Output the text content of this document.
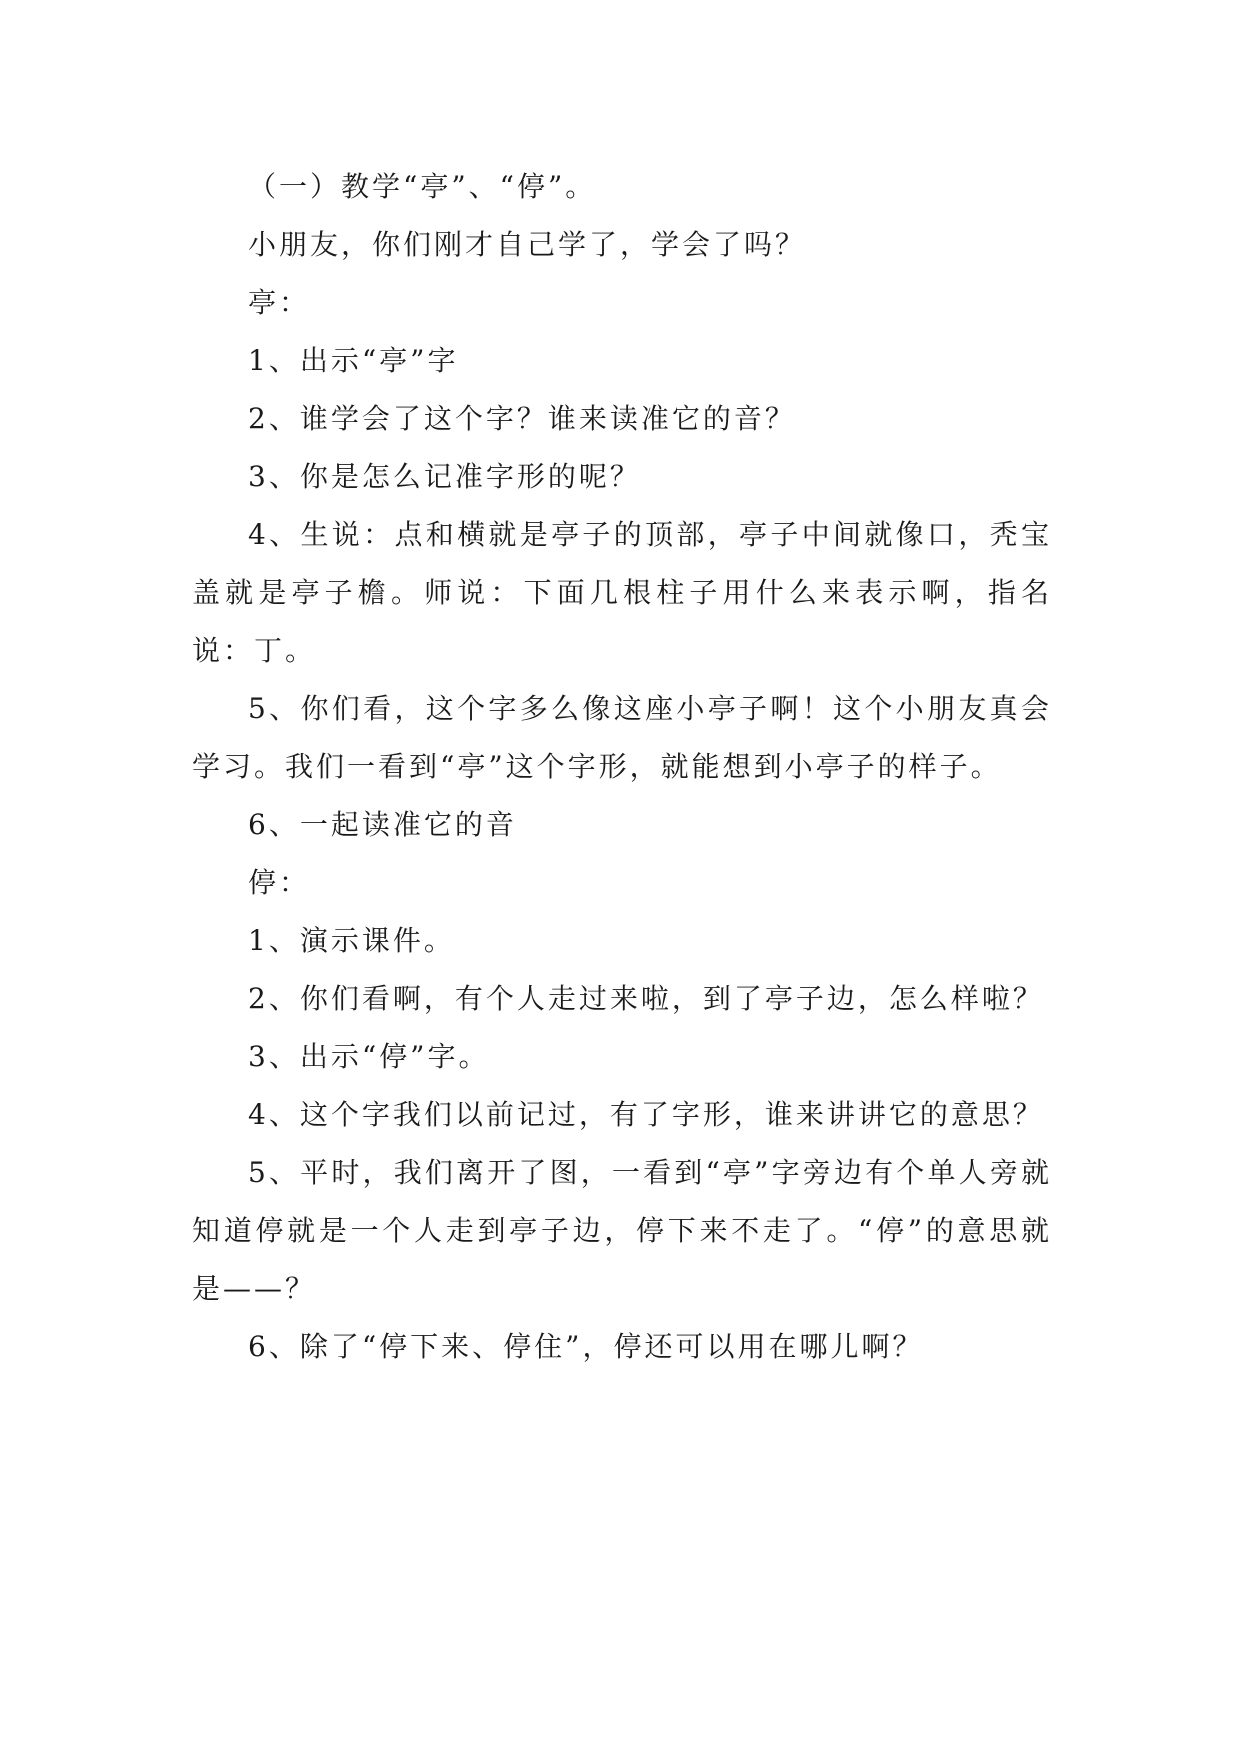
（一）教学“亭”、“停”。

小朋友，你们刚才自己学了，学会了吗？

亭：

1、出示“亭”字

2、谁学会了这个字？谁来读准它的音？

3、你是怎么记准字形的呢？

4、生说：点和横就是亭子的顶部，亭子中间就像口，秃宝盖就是亭子檐。师说：下面几根柱子用什么来表示啊，指名说：丁。

5、你们看，这个字多么像这座小亭子啊！这个小朋友真会学习。我们一看到“亭”这个字形，就能想到小亭子的样子。

6、一起读准它的音

停：

1、演示课件。

2、你们看啊，有个人走过来啦，到了亭子边，怎么样啦？

3、出示“停”字。

4、这个字我们以前记过，有了字形，谁来讲讲它的意思？

5、平时，我们离开了图，一看到“亭”字旁边有个单人旁就知道停就是一个人走到亭子边，停下来不走了。“停”的意思就是——？

6、除了“停下来、停住”，停还可以用在哪儿啊？
